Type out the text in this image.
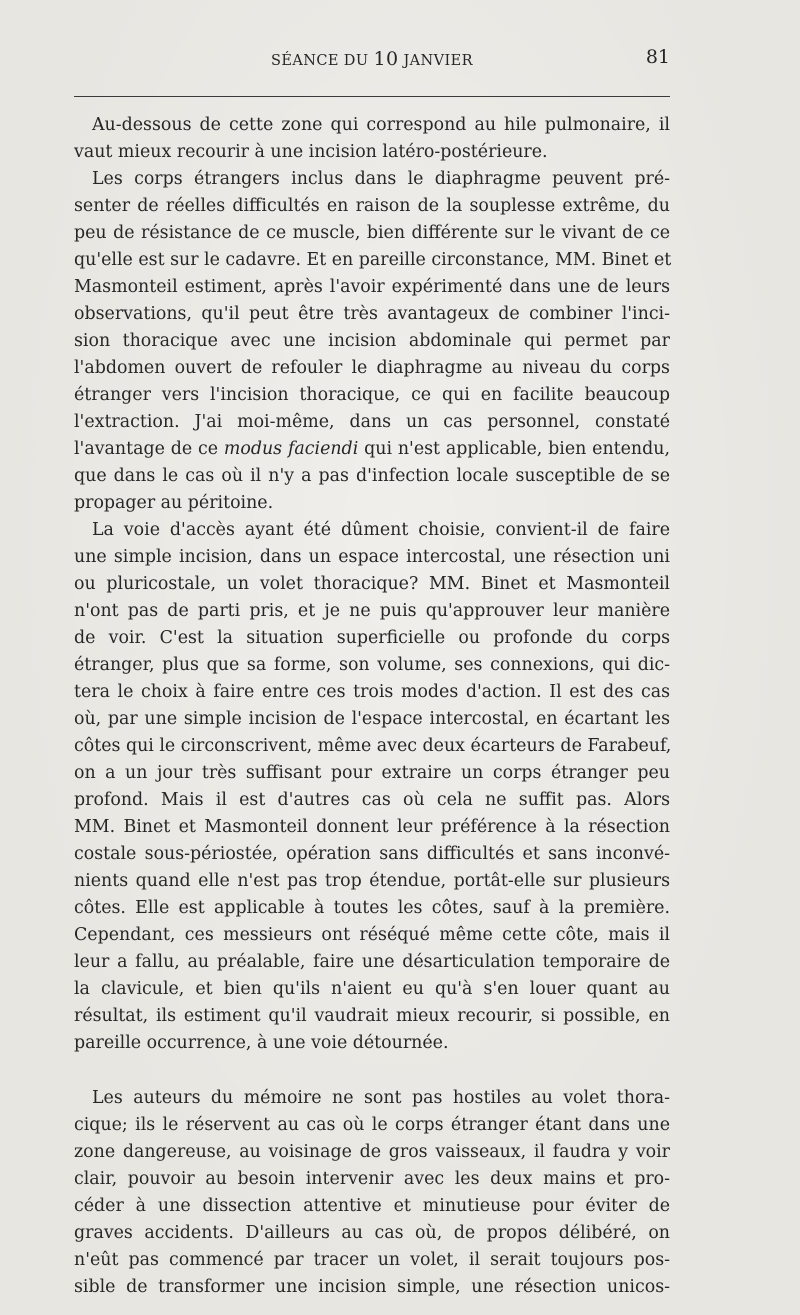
SÉANCE DU 10 JANVIER	81
Au-dessous de cette zone qui correspond au hile pulmonaire, il
vaut mieux recourir à une incision latéro-postérieure.
Les corps étrangers inclus dans le diaphragme peuvent pré-
senter de réelles difficultés en raison de la souplesse extrême, du
peu de résistance de ce muscle, bien différente sur le vivant de ce
qu'elle est sur le cadavre. Et en pareille circonstance, MM. Binet et
Masmonteil estiment, après l'avoir expérimenté dans une de leurs
observations, qu'il peut être très avantageux de combiner l'inci-
sion thoracique avec une incision abdominale qui permet par
l'abdomen ouvert de refouler le diaphragme au niveau du corps
étranger vers l'incision thoracique, ce qui en facilite beaucoup
l'extraction. J'ai moi-même, dans un cas personnel, constaté
l'avantage de ce modus faciendi qui n'est applicable, bien entendu,
que dans le cas où il n'y a pas d'infection locale susceptible de se
propager au péritoine.
La voie d'accès ayant été dûment choisie, convient-il de faire
une simple incision, dans un espace intercostal, une résection uni
ou pluricostale, un volet thoracique? MM. Binet et Masmonteil
n'ont pas de parti pris, et je ne puis qu'approuver leur manière
de voir. C'est la situation superficielle ou profonde du corps
étranger, plus que sa forme, son volume, ses connexions, qui dic-
tera le choix à faire entre ces trois modes d'action. Il est des cas
où, par une simple incision de l'espace intercostal, en écartant les
côtes qui le circonscrivent, même avec deux écarteurs de Farabeuf,
on a un jour très suffisant pour extraire un corps étranger peu
profond. Mais il est d'autres cas où cela ne suffit pas. Alors
MM. Binet et Masmonteil donnent leur préférence à la résection
costale sous-périostée, opération sans difficultés et sans inconvé-
nients quand elle n'est pas trop étendue, portât-elle sur plusieurs
côtes. Elle est applicable à toutes les côtes, sauf à la première.
Cependant, ces messieurs ont réséqué même cette côte, mais il
leur a fallu, au préalable, faire une désarticulation temporaire de
la clavicule, et bien qu'ils n'aient eu qu'à s'en louer quant au
résultat, ils estiment qu'il vaudrait mieux recourir, si possible, en
pareille occurrence, à une voie détournée.
Les auteurs du mémoire ne sont pas hostiles au volet thora-
cique; ils le réservent au cas où le corps étranger étant dans une
zone dangereuse, au voisinage de gros vaisseaux, il faudra y voir
clair, pouvoir au besoin intervenir avec les deux mains et pro-
céder à une dissection attentive et minutieuse pour éviter de
graves accidents. D'ailleurs au cas où, de propos délibéré, on
n'eût pas commencé par tracer un volet, il serait toujours pos-
sible de transformer une incision simple, une résection unicos-
